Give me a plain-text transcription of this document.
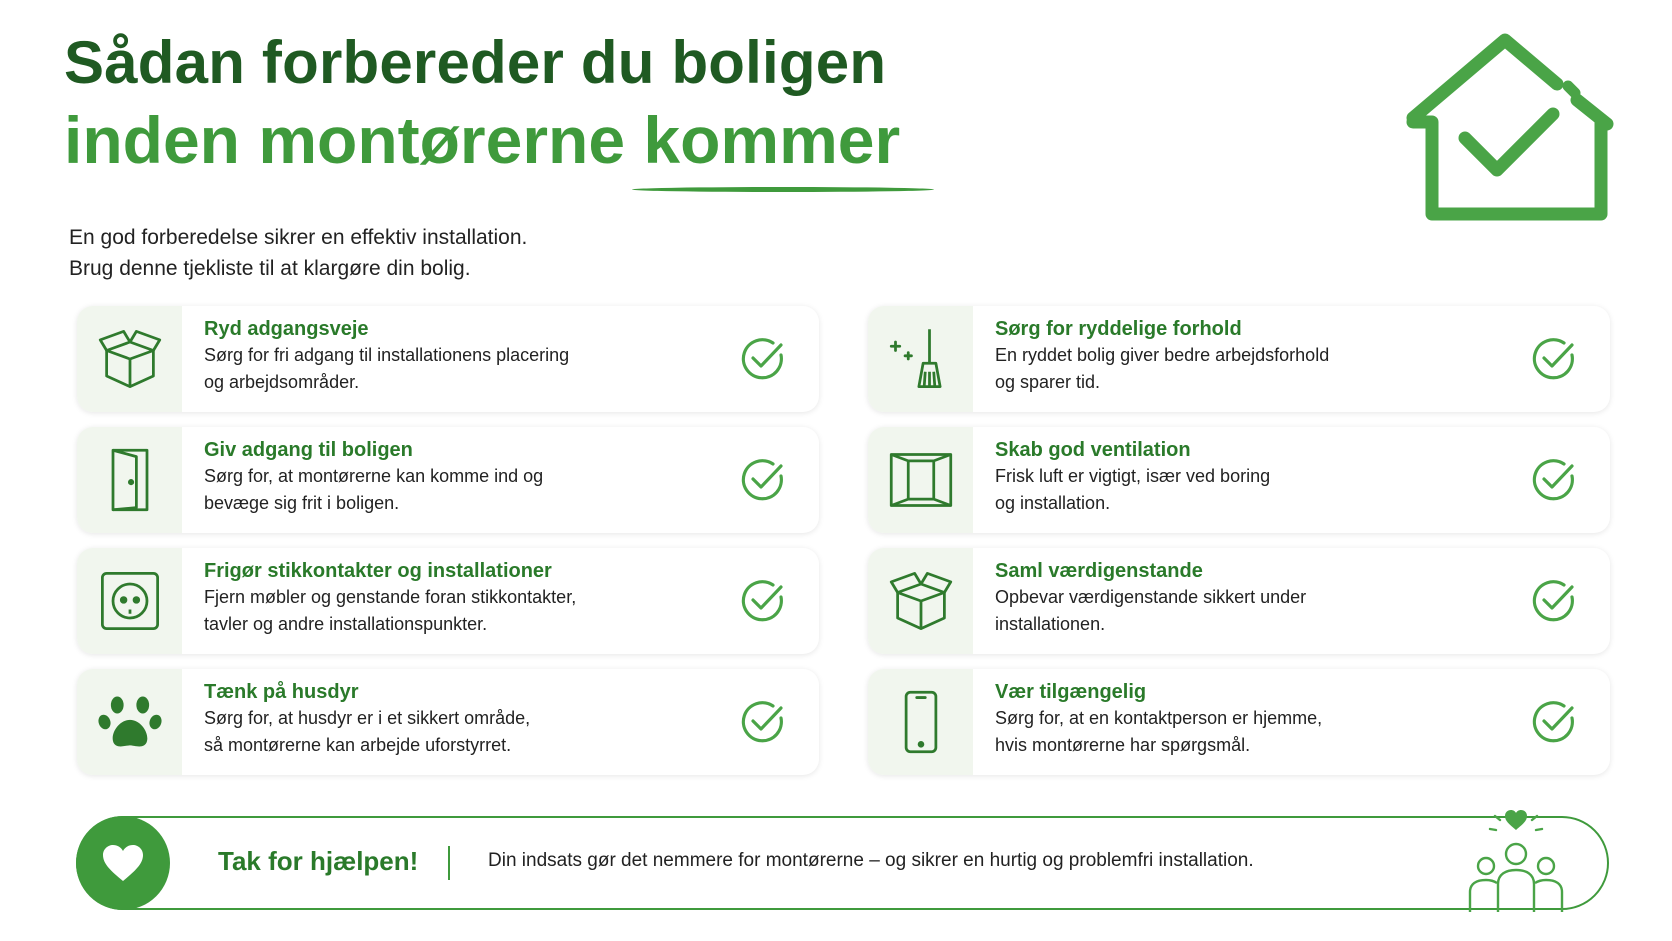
Sådan forbereder du boligen
inden montørerne kommer

En god forberedelse sikrer en effektiv installation.
Brug denne tjekliste til at klargøre din bolig.

Ryd adgangsveje
Sørg for fri adgang til installationens placering
og arbejdsområder.
Giv adgang til boligen
Sørg for, at montørerne kan komme ind og
bevæge sig frit i boligen.
Frigør stikkontakter og installationer
Fjern møbler og genstande foran stikkontakter,
tavler og andre installationspunkter.
Tænk på husdyr
Sørg for, at husdyr er i et sikkert område,
så montørerne kan arbejde uforstyrret.
Sørg for ryddelige forhold
En ryddet bolig giver bedre arbejdsforhold
og sparer tid.
Skab god ventilation
Frisk luft er vigtigt, især ved boring
og installation.
Saml værdigenstande
Opbevar værdigenstande sikkert under
installationen.
Vær tilgængelig
Sørg for, at en kontaktperson er hjemme,
hvis montørerne har spørgsmål.
Tak for hjælpen!	Din indsats gør det nemmere for montørerne – og sikrer en hurtig og problemfri installation.
